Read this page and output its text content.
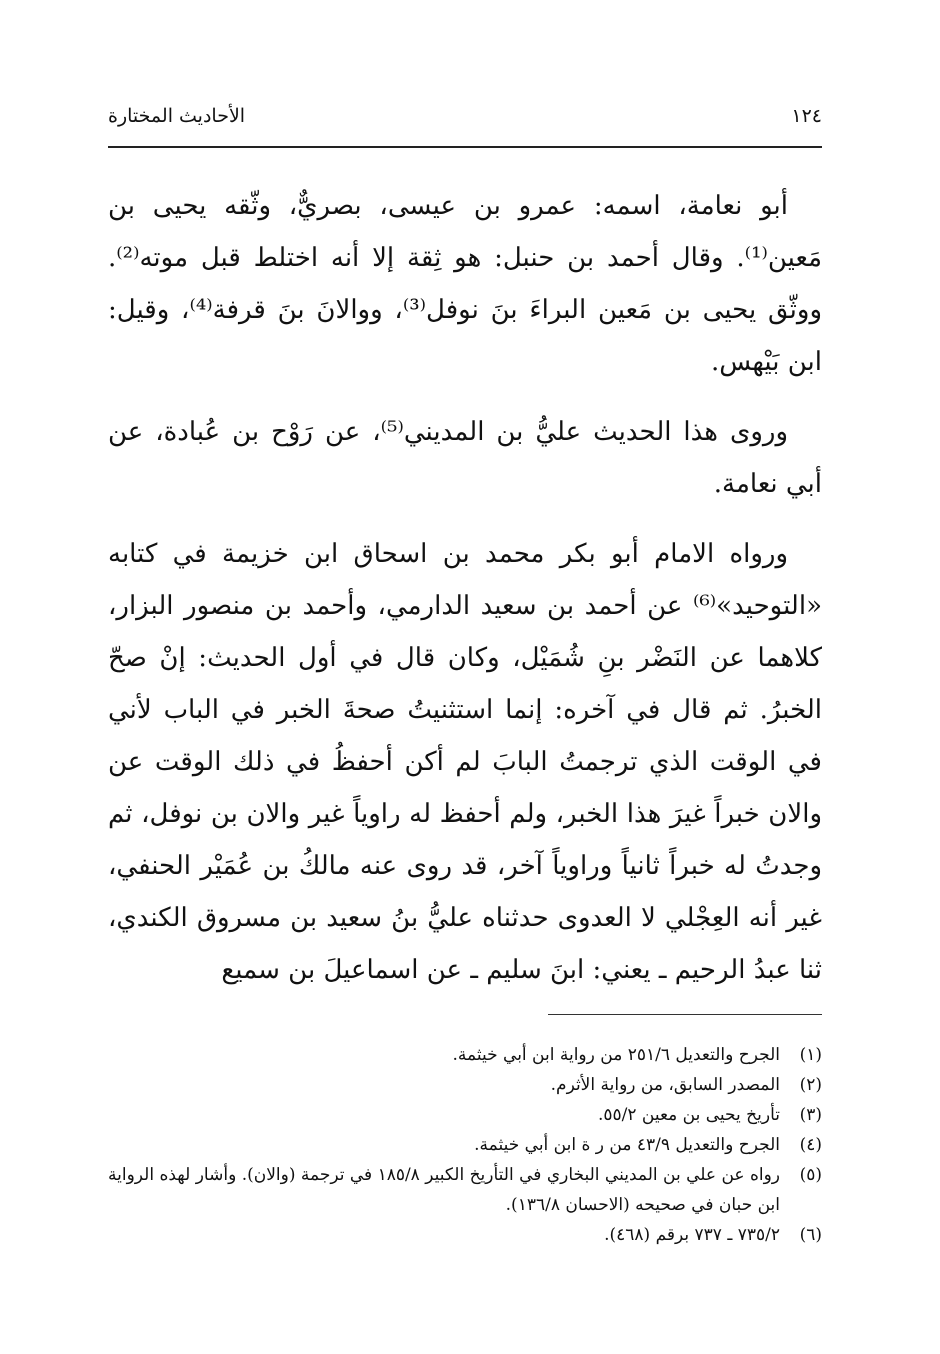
١٢٤
الأحاديث المختارة

أبو نعامة، اسمه: عمرو بن عيسى، بصريٌّ، وثّقه يحيى بن مَعين⁽¹⁾. وقال أحمد بن حنبل: هو ثِقة إلا أنه اختلط قبل موته⁽²⁾. ووثّق يحيى بن مَعين البراءَ بنَ نوفل⁽³⁾، ووالانَ بنَ قرفة⁽⁴⁾، وقيل: ابن بَيْهس.

وروى هذا الحديث عليُّ بن المديني⁽⁵⁾، عن رَوْح بن عُبادة، عن أبي نعامة.

ورواه الامام أبو بكر محمد بن اسحاق ابن خزيمة في كتابه «التوحيد»⁽⁶⁾ عن أحمد بن سعيد الدارمي، وأحمد بن منصور البزار، كلاهما عن النَضْر بنِ شُمَيْل، وكان قال في أول الحديث: إنْ صحّ الخبرُ. ثم قال في آخره: إنما استثنيتُ صحةَ الخبر في الباب لأني في الوقت الذي ترجمتُ البابَ لم أكن أحفظُ في ذلك الوقت عن والان خبراً غيرَ هذا الخبر، ولم أحفظ له راوياً غير والان بن نوفل، ثم وجدتُ له خبراً ثانياً وراوياً آخر، قد روى عنه مالكُ بن عُمَيْر الحنفي، غير أنه العِجْلي لا العدوى حدثناه عليُّ بنُ سعيد بن مسروق الكندي، ثنا عبدُ الرحيم ـ يعني: ابنَ سليم ـ عن اسماعيلَ بن سميع

(١)
الجرح والتعديل ٢٥١/٦ من رواية ابن أبي خيثمة.
(٢)
المصدر السابق، من رواية الأثرم.
(٣)
تأريخ يحيى بن معين ٥٥/٢.
(٤)
الجرح والتعديل ٤٣/٩ من ر ة ابن أبي خيثمة.
(٥)
رواه عن علي بن المديني البخاري في التأريخ الكبير ١٨٥/٨ في ترجمة (والان). وأشار لهذه الرواية ابن حبان في صحيحه (الاحسان ١٣٦/٨).
(٦)
٧٣٥/٢ ـ ٧٣٧ برقم (٤٦٨).
